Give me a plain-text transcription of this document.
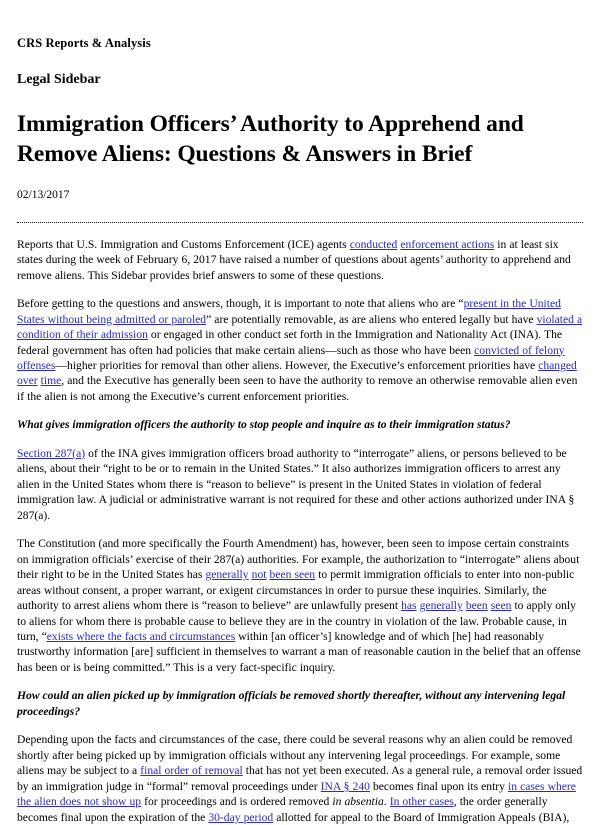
CRS Reports & Analysis
Legal Sidebar
Immigration Officers’ Authority to Apprehend and Remove Aliens: Questions & Answers in Brief
02/13/2017

Reports that U.S. Immigration and Customs Enforcement (ICE) agents conducted enforcement actions in at least six states during the week of February 6, 2017 have raised a number of questions about agents’ authority to apprehend and remove aliens. This Sidebar provides brief answers to some of these questions.

Before getting to the questions and answers, though, it is important to note that aliens who are “present in the United States without being admitted or paroled” are potentially removable, as are aliens who entered legally but have violated a condition of their admission or engaged in other conduct set forth in the Immigration and Nationality Act (INA). The federal government has often had policies that make certain aliens—such as those who have been convicted of felony offenses—higher priorities for removal than other aliens. However, the Executive’s enforcement priorities have changed over time, and the Executive has generally been seen to have the authority to remove an otherwise removable alien even if the alien is not among the Executive’s current enforcement priorities.

What gives immigration officers the authority to stop people and inquire as to their immigration status?

Section 287(a) of the INA gives immigration officers broad authority to “interrogate” aliens, or persons believed to be aliens, about their “right to be or to remain in the United States.” It also authorizes immigration officers to arrest any alien in the United States whom there is “reason to believe” is present in the United States in violation of federal immigration law. A judicial or administrative warrant is not required for these and other actions authorized under INA § 287(a).

The Constitution (and more specifically the Fourth Amendment) has, however, been seen to impose certain constraints on immigration officials’ exercise of their 287(a) authorities. For example, the authorization to “interrogate” aliens about their right to be in the United States has generally not been seen to permit immigration officials to enter into non-public areas without consent, a proper warrant, or exigent circumstances in order to pursue these inquiries. Similarly, the authority to arrest aliens whom there is “reason to believe” are unlawfully present has generally been seen to apply only to aliens for whom there is probable cause to believe they are in the country in violation of the law. Probable cause, in turn, “exists where the facts and circumstances within [an officer’s] knowledge and of which [he] had reasonably trustworthy information [are] sufficient in themselves to warrant a man of reasonable caution in the belief that an offense has been or is being committed.” This is a very fact-specific inquiry.

How could an alien picked up by immigration officials be removed shortly thereafter, without any intervening legal proceedings?

Depending upon the facts and circumstances of the case, there could be several reasons why an alien could be removed shortly after being picked up by immigration officials without any intervening legal proceedings. For example, some aliens may be subject to a final order of removal that has not yet been executed. As a general rule, a removal order issued by an immigration judge in “formal” removal proceedings under INA § 240 becomes final upon its entry in cases where the alien does not show up for proceedings and is ordered removed in absentia. In other cases, the order generally becomes final upon the expiration of the 30-day period allotted for appeal to the Board of Immigration Appeals (BIA),
